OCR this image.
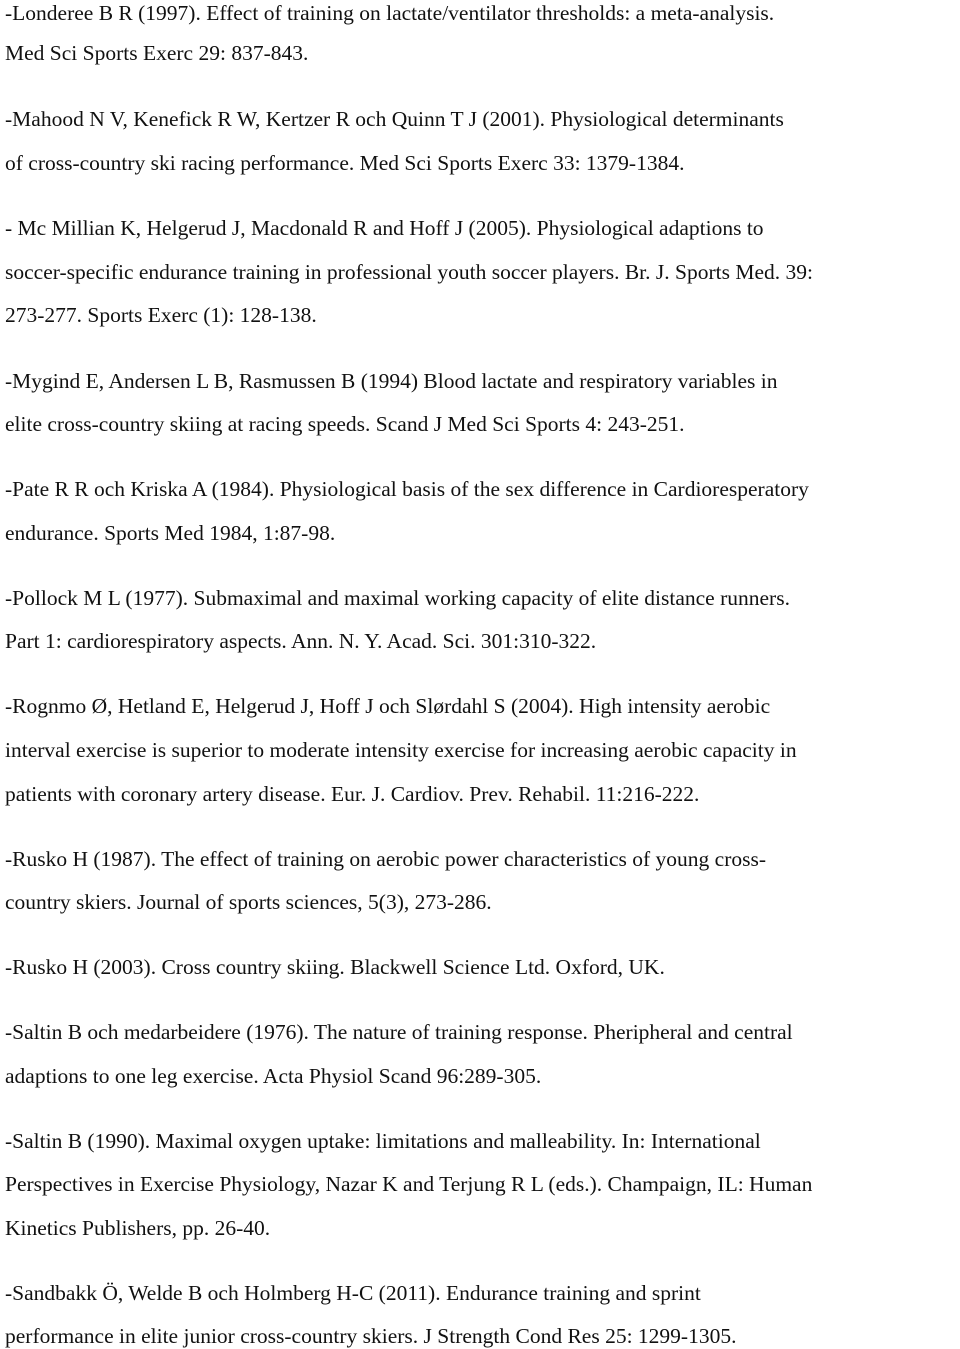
-Londeree B R (1997). Effect of training on lactate/ventilator thresholds: a meta-analysis.
Med Sci Sports Exerc 29: 837-843.
-Mahood N V, Kenefick R W, Kertzer R och Quinn T J (2001). Physiological determinants
of cross-country ski racing performance. Med Sci Sports Exerc 33: 1379-1384.
- Mc Millian K, Helgerud J, Macdonald R and Hoff J (2005). Physiological adaptions to
soccer-specific endurance training in professional youth soccer players. Br. J. Sports Med. 39:
273-277. Sports Exerc (1): 128-138.
-Mygind E, Andersen L B, Rasmussen B (1994) Blood lactate and respiratory variables in
elite cross-country skiing at racing speeds. Scand J Med Sci Sports 4: 243-251.
-Pate R R och Kriska A (1984). Physiological basis of the sex difference in Cardioresperatory
endurance. Sports Med 1984, 1:87-98.
-Pollock M L (1977). Submaximal and maximal working capacity of elite distance runners.
Part 1: cardiorespiratory aspects. Ann. N. Y. Acad. Sci. 301:310-322.
-Rognmo Ø, Hetland E, Helgerud J, Hoff J och Slørdahl S (2004). High intensity aerobic
interval exercise is superior to moderate intensity exercise for increasing aerobic capacity in
patients with coronary artery disease. Eur. J. Cardiov. Prev. Rehabil. 11:216-222.
-Rusko H (1987). The effect of training on aerobic power characteristics of young cross-
country skiers. Journal of sports sciences, 5(3), 273-286.
-Rusko H (2003). Cross country skiing. Blackwell Science Ltd. Oxford, UK.
-Saltin B och medarbeidere (1976). The nature of training response. Pheripheral and central
adaptions to one leg exercise. Acta Physiol Scand 96:289-305.
-Saltin B (1990). Maximal oxygen uptake: limitations and malleability. In: International
Perspectives in Exercise Physiology, Nazar K and Terjung R L (eds.). Champaign, IL: Human
Kinetics Publishers, pp. 26-40.
-Sandbakk Ö, Welde B och Holmberg H-C (2011). Endurance training and sprint
performance in elite junior cross-country skiers. J Strength Cond Res 25: 1299-1305.
